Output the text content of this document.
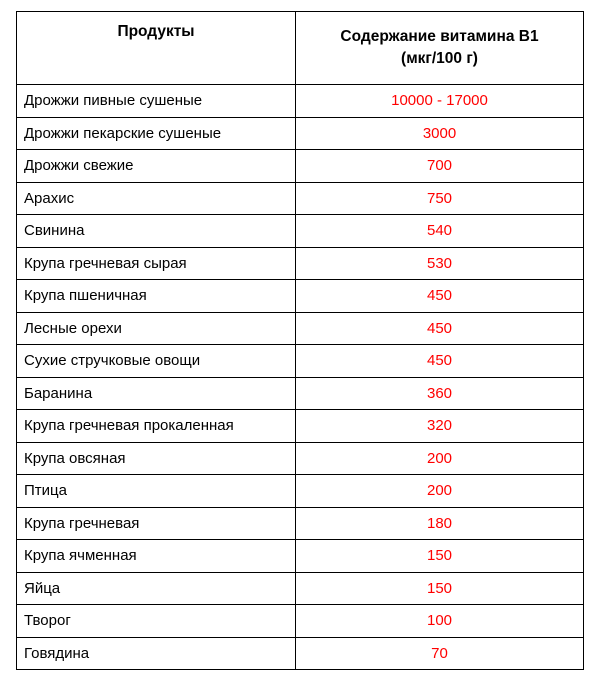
Продукты	Содержание витамина В1
(мкг/100 г)
Дрожжи пивные сушеные	10000 - 17000
Дрожжи пекарские сушеные	3000
Дрожжи свежие	700
Арахис	750
Свинина	540
Крупа гречневая сырая	530
Крупа пшеничная	450
Лесные орехи	450
Сухие стручковые овощи	450
Баранина	360
Крупа гречневая прокаленная	320
Крупа овсяная	200
Птица	200
Крупа гречневая	180
Крупа ячменная	150
Яйца	150
Творог	100
Говядина	70
